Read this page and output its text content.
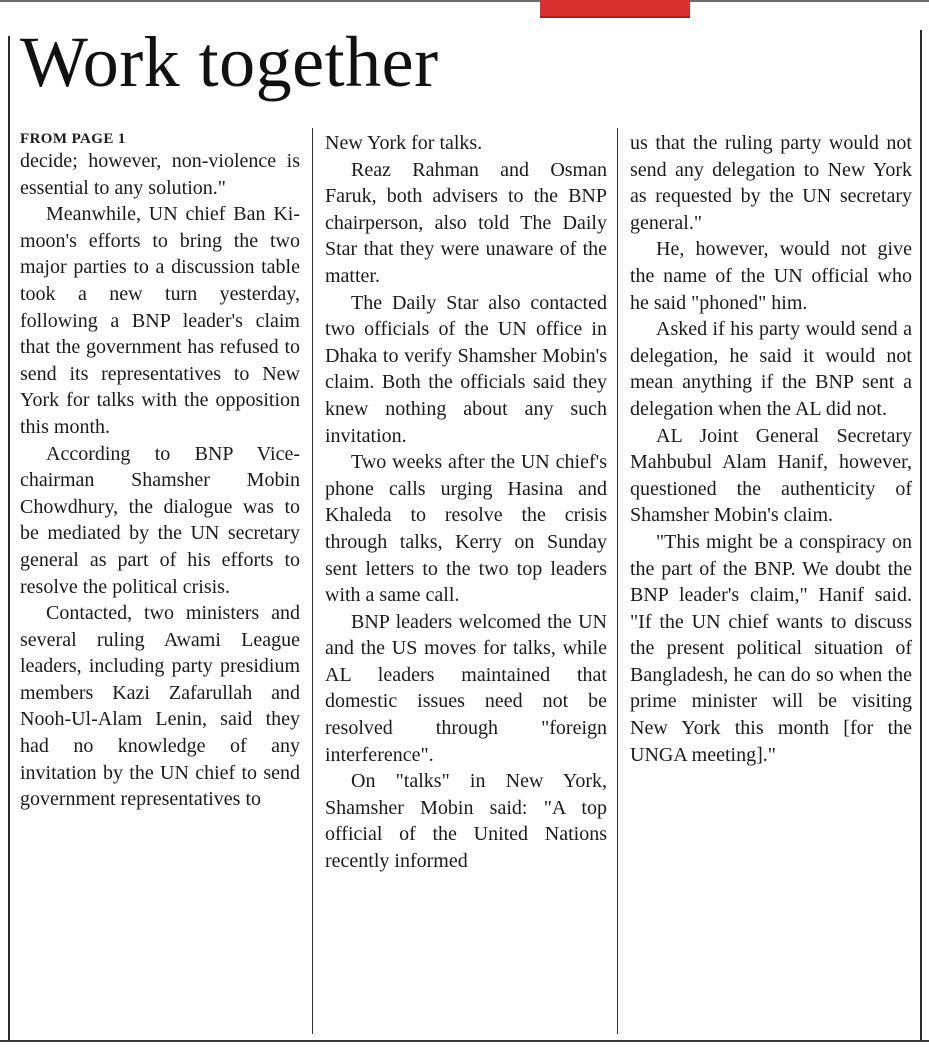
Work together

FROM PAGE 1

decide; however, non-violence is essential to any solution."

Meanwhile, UN chief Ban Ki-moon's efforts to bring the two major parties to a discussion table took a new turn yesterday, following a BNP leader's claim that the government has refused to send its representatives to New York for talks with the opposition this month.

According to BNP Vice-chairman Shamsher Mobin Chowdhury, the dialogue was to be mediated by the UN secretary general as part of his efforts to resolve the political crisis.

Contacted, two ministers and several ruling Awami League leaders, including party presidium members Kazi Zafarullah and Nooh-Ul-Alam Lenin, said they had no knowledge of any invitation by the UN chief to send government representatives to

New York for talks.

Reaz Rahman and Osman Faruk, both advisers to the BNP chairperson, also told The Daily Star that they were unaware of the matter.

The Daily Star also contacted two officials of the UN office in Dhaka to verify Shamsher Mobin's claim. Both the officials said they knew nothing about any such invitation.

Two weeks after the UN chief's phone calls urging Hasina and Khaleda to resolve the crisis through talks, Kerry on Sunday sent letters to the two top leaders with a same call.

BNP leaders welcomed the UN and the US moves for talks, while AL leaders maintained that domestic issues need not be resolved through "foreign interference".

On "talks" in New York, Shamsher Mobin said: "A top official of the United Nations recently informed

us that the ruling party would not send any delegation to New York as requested by the UN secretary general."

He, however, would not give the name of the UN official who he said "phoned" him.

Asked if his party would send a delegation, he said it would not mean anything if the BNP sent a delegation when the AL did not.

AL Joint General Secretary Mahbubul Alam Hanif, however, questioned the authenticity of Shamsher Mobin's claim.

"This might be a conspiracy on the part of the BNP. We doubt the BNP leader's claim," Hanif said. "If the UN chief wants to discuss the present political situation of Bangladesh, he can do so when the prime minister will be visiting New York this month [for the UNGA meeting]."
